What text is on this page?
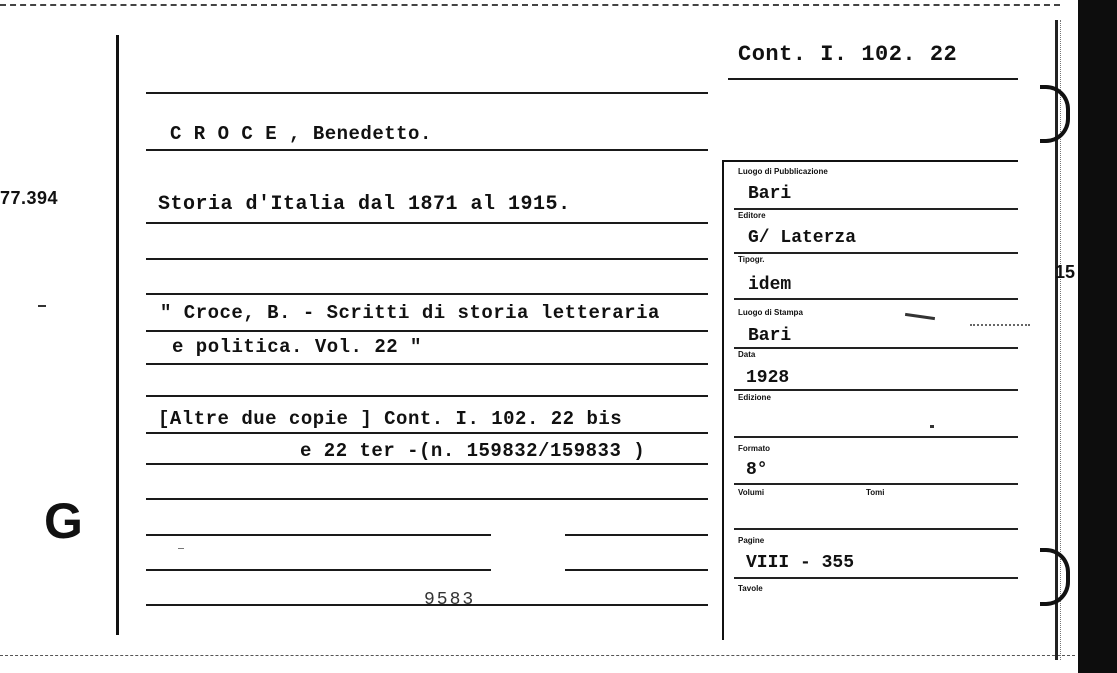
77.394
G
15
Cont. I. 102. 22
C R O C E , Benedetto.
Storia d'Italia dal 1871 al 1915.
" Croce, B. - Scritti di storia letteraria
e politica. Vol. 22 "
[Altre due copie ] Cont. I. 102. 22 bis
e 22 ter -(n. 159832/159833 )
9583
Luogo di Pubblicazione
Bari
Editore
G/ Laterza
Tipogr.
idem
Luogo di Stampa
Bari
Data
1928
Edizione
Formato
8°
Volumi	Tomi
Pagine
VIII - 355
Tavole
